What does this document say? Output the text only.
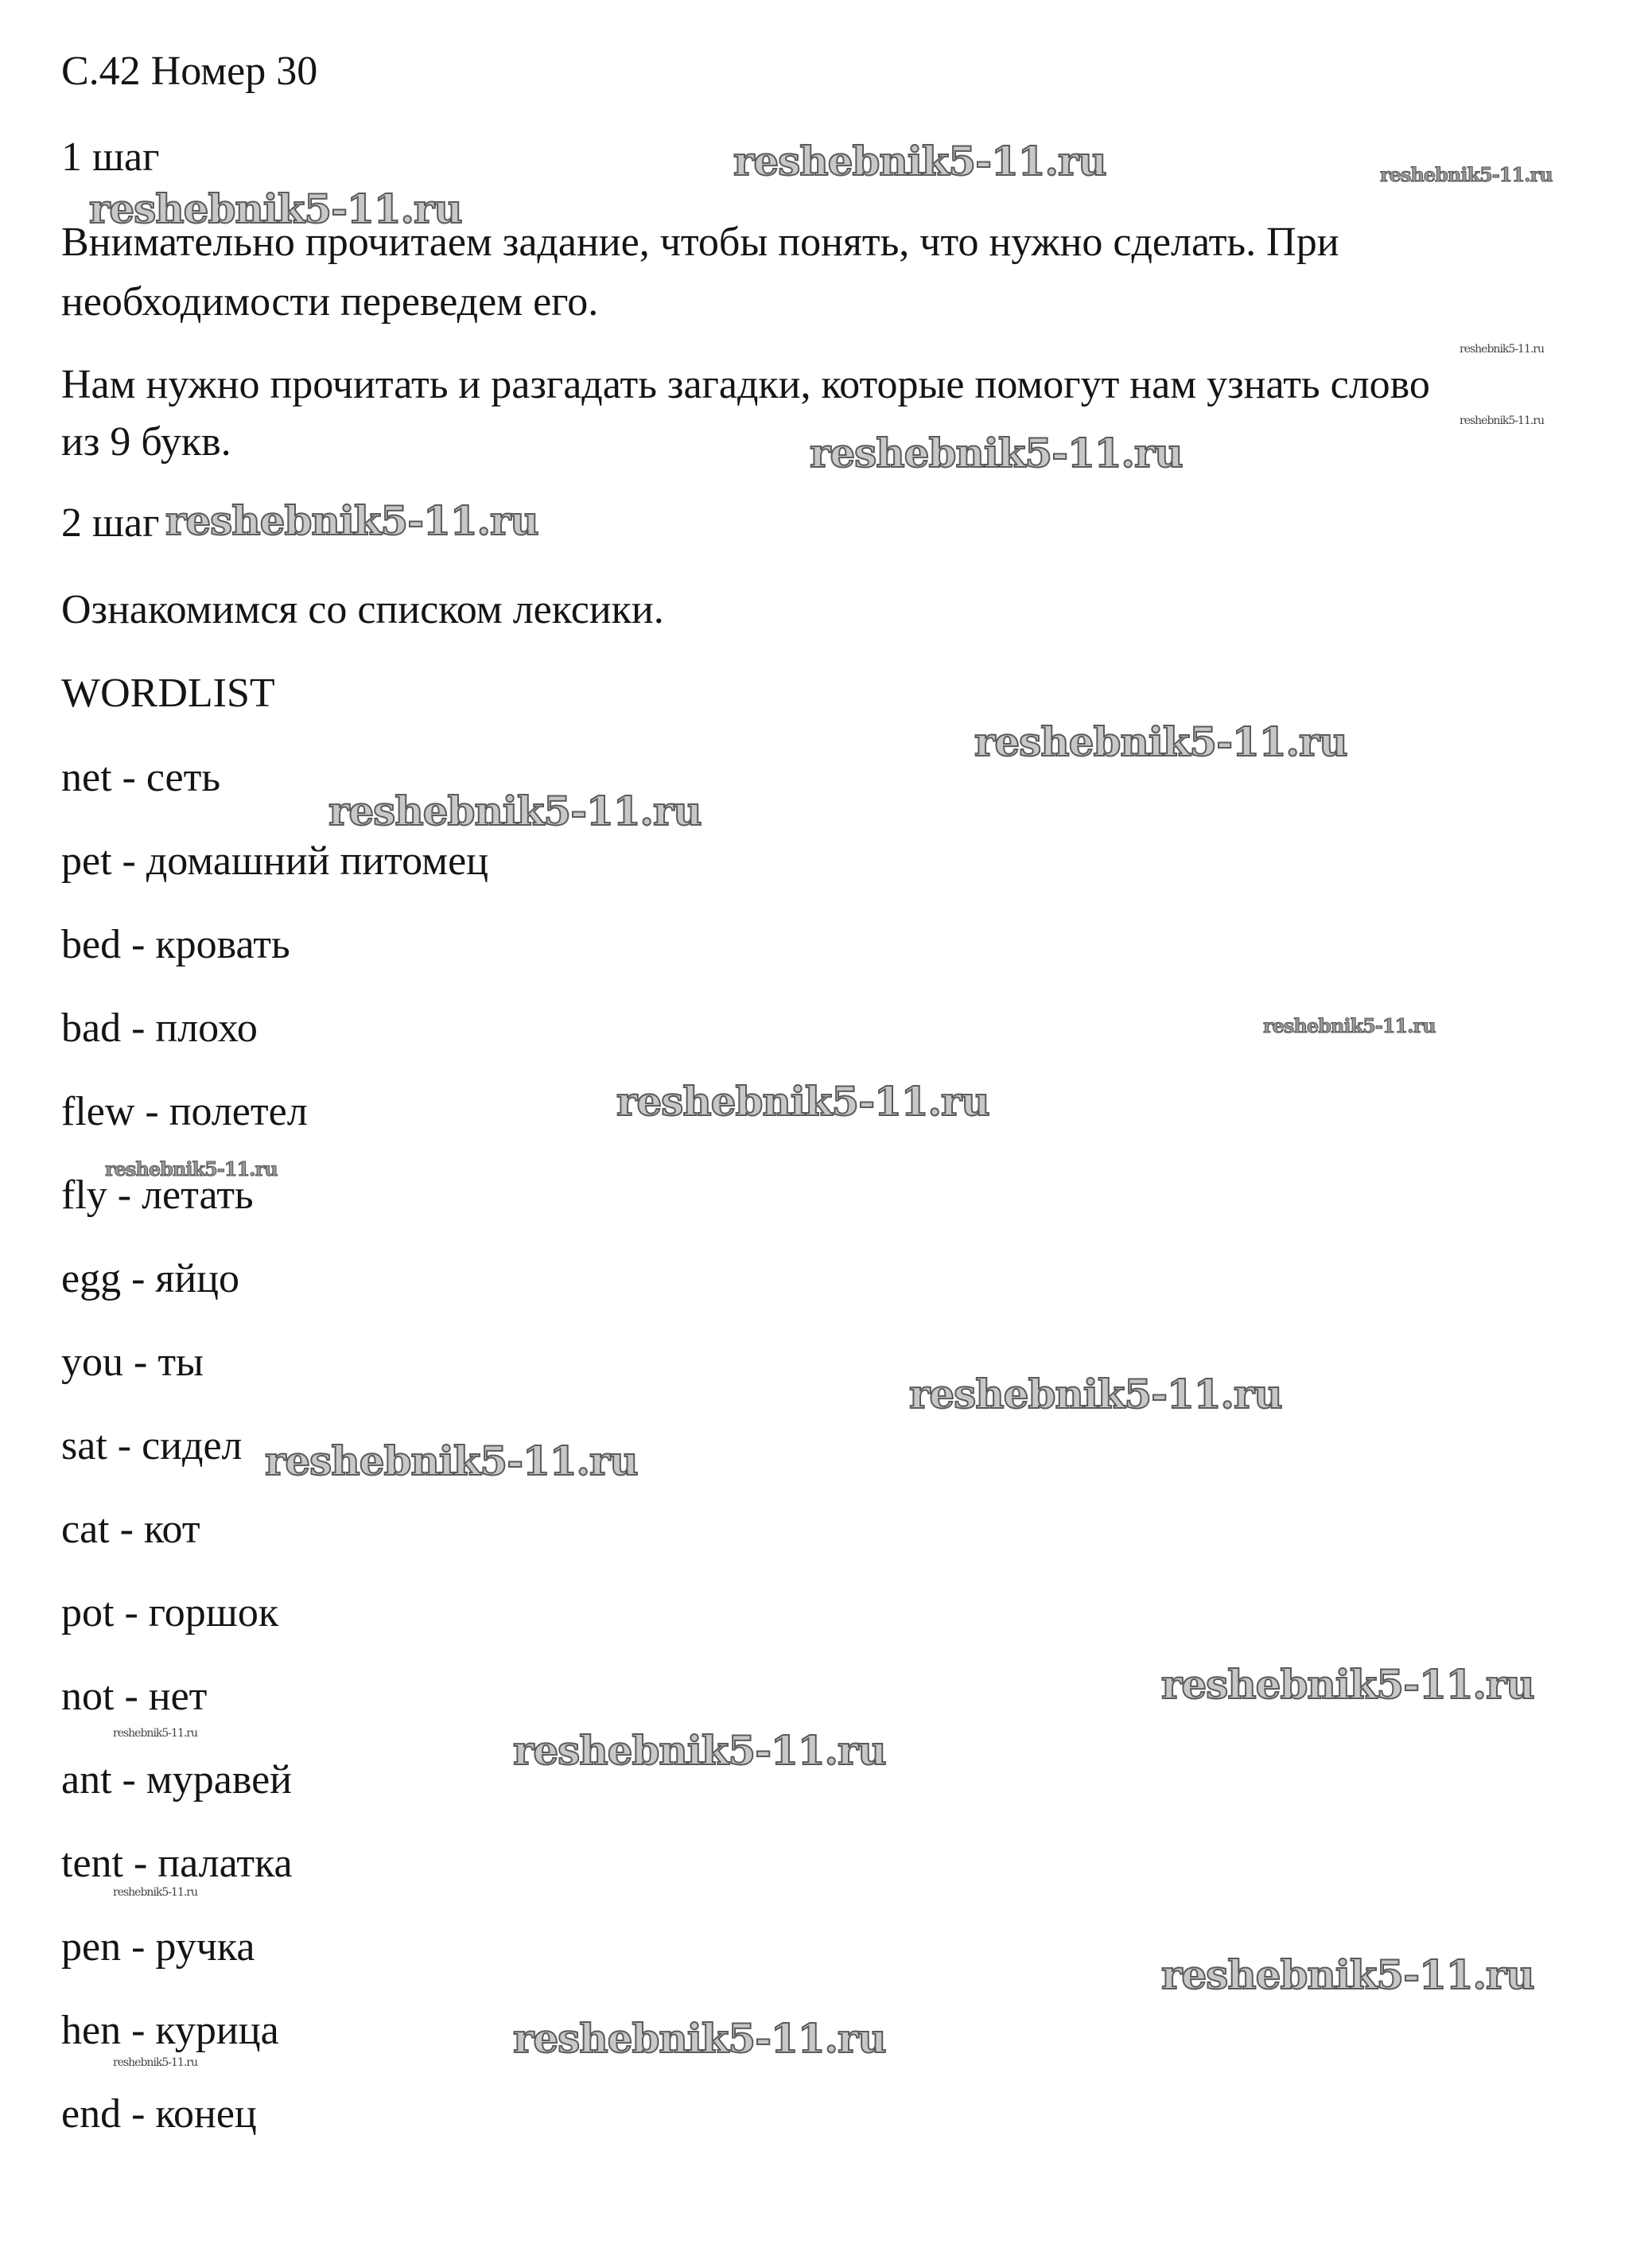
С.42 Номер 30
1 шаг
Внимательно прочитаем задание, чтобы понять, что нужно сделать. При
необходимости переведем его.
Нам нужно прочитать и разгадать загадки, которые помогут нам узнать слово
из 9 букв.
2 шаг
Ознакомимся со списком лексики.
WORDLIST
net - сеть
pet - домашний питомец
bed - кровать
bad - плохо
flew - полетел
fly - летать
egg - яйцо
you - ты
sat - сидел
cat - кот
pot - горшок
not - нет
ant - муравей
tent - палатка
pen - ручка
hen - курица
end - конец
reshebnik5-11.ru	reshebnik5-11.ru
reshebnik5-11.ru
reshebnik5-11.ru
reshebnik5-11.ru
reshebnik5-11.ru
reshebnik5-11.ru
reshebnik5-11.ru
reshebnik5-11.ru
reshebnik5-11.ru
reshebnik5-11.ru
reshebnik5-11.ru
reshebnik5-11.ru
reshebnik5-11.ru
reshebnik5-11.ru
reshebnik5-11.ru	reshebnik5-11.ru
reshebnik5-11.ru
reshebnik5-11.ru
reshebnik5-11.ru
reshebnik5-11.ru
